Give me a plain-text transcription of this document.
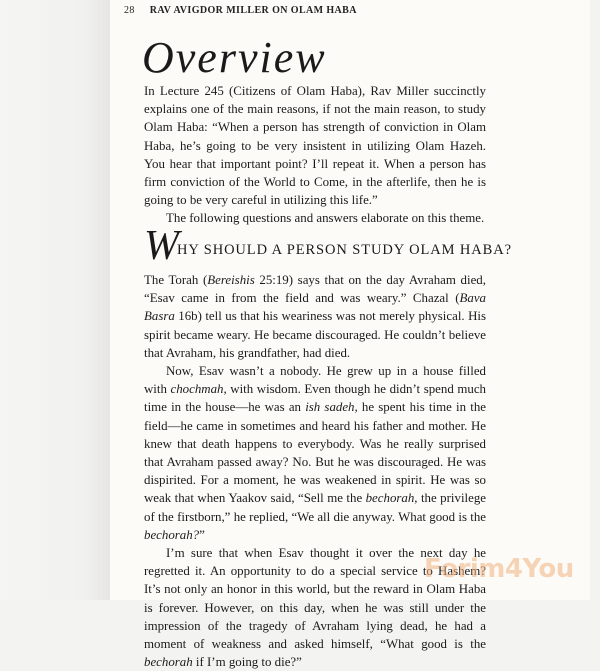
28 RAV AVIGDOR MILLER ON OLAM HABA
Overview

In Lecture 245 (Citizens of Olam Haba), Rav Miller succinctly explains one of the main reasons, if not the main reason, to study Olam Haba: “When a person has strength of conviction in Olam Haba, he’s going to be very insistent in utilizing Olam Hazeh. You hear that important point? I’ll repeat it. When a person has firm conviction of the World to Come, in the afterlife, then he is going to be very careful in utilizing this life.”

The following questions and answers elaborate on this theme.

WHY SHOULD A PERSON STUDY OLAM HABA?

The Torah (Bereishis 25:19) says that on the day Avraham died, “Esav came in from the field and was weary.” Chazal (Bava Basra 16b) tell us that his weariness was not merely physical. His spirit became weary. He became discouraged. He couldn’t believe that Avraham, his grandfather, had died.

Now, Esav wasn’t a nobody. He grew up in a house filled with chochmah, with wisdom. Even though he didn’t spend much time in the house—he was an ish sadeh, he spent his time in the field—he came in sometimes and heard his father and mother. He knew that death happens to everybody. Was he really surprised that Avraham passed away? No. But he was discouraged. He was dispirited. For a moment, he was weakened in spirit. He was so weak that when Yaakov said, “Sell me the bechorah, the privilege of the firstborn,” he replied, “We all die anyway. What good is the bechorah?”

I’m sure that when Esav thought it over the next day he regretted it. An opportunity to do a special service to Hashem? It’s not only an honor in this world, but the reward in Olam Haba is forever. However, on this day, when he was still under the impression of the tragedy of Avraham lying dead, he had a moment of weakness and asked himself, “What good is the bechorah if I’m going to die?”

Forim4You
